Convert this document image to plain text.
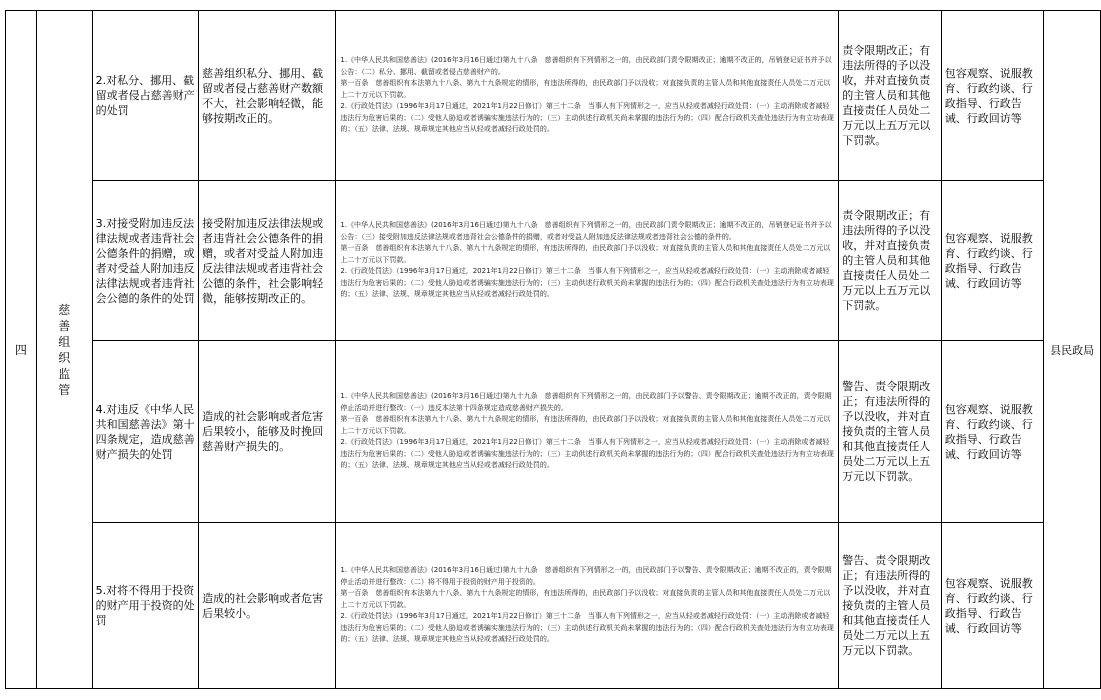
四	慈善组织监管	2.对私分、挪用、截留或者侵占慈善财产的处罚	慈善组织私分、挪用、截留或者侵占慈善财产数额不大，社会影响轻微，能够按期改正的。	1.《中华人民共和国慈善法》(2016年3月16日通过)第九十八条　慈善组织有下列情形之一的，由民政部门责令限期改正；逾期不改正的，吊销登记证书并予以公告：（二）私分、挪用、截留或者侵占慈善财产的。
第一百条　慈善组织有本法第九十八条、第九十九条规定的情形，有违法所得的，由民政部门予以没收；对直接负责的主管人员和其他直接责任人员处二万元以上二十万元以下罚款。
2.《行政处罚法》（1996年3月17日通过，2021年1月22日修订）第三十二条　当事人有下列情形之一，应当从轻或者减轻行政处罚：（一）主动消除或者减轻违法行为危害后果的；（二）受他人胁迫或者诱骗实施违法行为的；（三）主动供述行政机关尚未掌握的违法行为的；（四）配合行政机关查处违法行为有立功表现的；（五）法律、法规、规章规定其他应当从轻或者减轻行政处罚的。	责令限期改正；有违法所得的予以没收，并对直接负责的主管人员和其他直接责任人员处二万元以上五万元以下罚款。	包容观察、说服教育、行政约谈、行政指导、行政告诫、行政回访等	县民政局
		3.对接受附加违反法律法规或者违背社会公德条件的捐赠，或者对受益人附加违反法律法规或者违背社会公德的条件的处罚	接受附加违反法律法规或者违背社会公德条件的捐赠，或者对受益人附加违反法律法规或者违背社会公德的条件，社会影响轻微，能够按期改正的。	1.《中华人民共和国慈善法》(2016年3月16日通过)第九十八条　慈善组织有下列情形之一的，由民政部门责令限期改正；逾期不改正的，吊销登记证书并予以公告：（三）接受附加违反法律法规或者违背社会公德条件的捐赠，或者对受益人附加违反法律法规或者违背社会公德的条件的。
第一百条　慈善组织有本法第九十八条、第九十九条规定的情形，有违法所得的，由民政部门予以没收；对直接负责的主管人员和其他直接责任人员处二万元以上二十万元以下罚款。
2.《行政处罚法》（1996年3月17日通过，2021年1月22日修订）第三十二条　当事人有下列情形之一，应当从轻或者减轻行政处罚：（一）主动消除或者减轻违法行为危害后果的；（二）受他人胁迫或者诱骗实施违法行为的；（三）主动供述行政机关尚未掌握的违法行为的；（四）配合行政机关查处违法行为有立功表现的；（五）法律、法规、规章规定其他应当从轻或者减轻行政处罚的。	责令限期改正；有违法所得的予以没收，并对直接负责的主管人员和其他直接责任人员处二万元以上五万元以下罚款。	包容观察、说服教育、行政约谈、行政指导、行政告诫、行政回访等	
		4.对违反《中华人民共和国慈善法》第十四条规定，造成慈善财产损失的处罚	造成的社会影响或者危害后果较小，能够及时挽回慈善财产损失的。	1.《中华人民共和国慈善法》(2016年3月16日通过)第九十九条　慈善组织有下列情形之一的，由民政部门予以警告、责令限期改正；逾期不改正的，责令限期停止活动并进行整改：（一）违反本法第十四条规定造成慈善财产损失的。
第一百条　慈善组织有本法第九十八条、第九十九条规定的情形，有违法所得的，由民政部门予以没收；对直接负责的主管人员和其他直接责任人员处二万元以上二十万元以下罚款。
2.《行政处罚法》（1996年3月17日通过，2021年1月22日修订）第三十二条　当事人有下列情形之一，应当从轻或者减轻行政处罚：（一）主动消除或者减轻违法行为危害后果的；（二）受他人胁迫或者诱骗实施违法行为的；（三）主动供述行政机关尚未掌握的违法行为的；（四）配合行政机关查处违法行为有立功表现的；（五）法律、法规、规章规定其他应当从轻或者减轻行政处罚的。	警告、责令限期改正；有违法所得的予以没收，并对直接负责的主管人员和其他直接责任人员处二万元以上五万元以下罚款。	包容观察、说服教育、行政约谈、行政指导、行政告诫、行政回访等	
		5.对将不得用于投资的财产用于投资的处罚	造成的社会影响或者危害后果较小。	1.《中华人民共和国慈善法》(2016年3月16日通过)第九十九条　慈善组织有下列情形之一的，由民政部门予以警告、责令限期改正；逾期不改正的，责令限期停止活动并进行整改：（二）将不得用于投资的财产用于投资的。
第一百条　慈善组织有本法第九十八条、第九十九条规定的情形，有违法所得的，由民政部门予以没收；对直接负责的主管人员和其他直接责任人员处二万元以上二十万元以下罚款。
2.《行政处罚法》（1996年3月17日通过，2021年1月22日修订）第三十二条　当事人有下列情形之一，应当从轻或者减轻行政处罚：（一）主动消除或者减轻违法行为危害后果的；（二）受他人胁迫或者诱骗实施违法行为的；（三）主动供述行政机关尚未掌握的违法行为的；（四）配合行政机关查处违法行为有立功表现的；（五）法律、法规、规章规定其他应当从轻或者减轻行政处罚的。	警告、责令限期改正；有违法所得的予以没收，并对直接负责的主管人员和其他直接责任人员处二万元以上五万元以下罚款。	包容观察、说服教育、行政约谈、行政指导、行政告诫、行政回访等	
